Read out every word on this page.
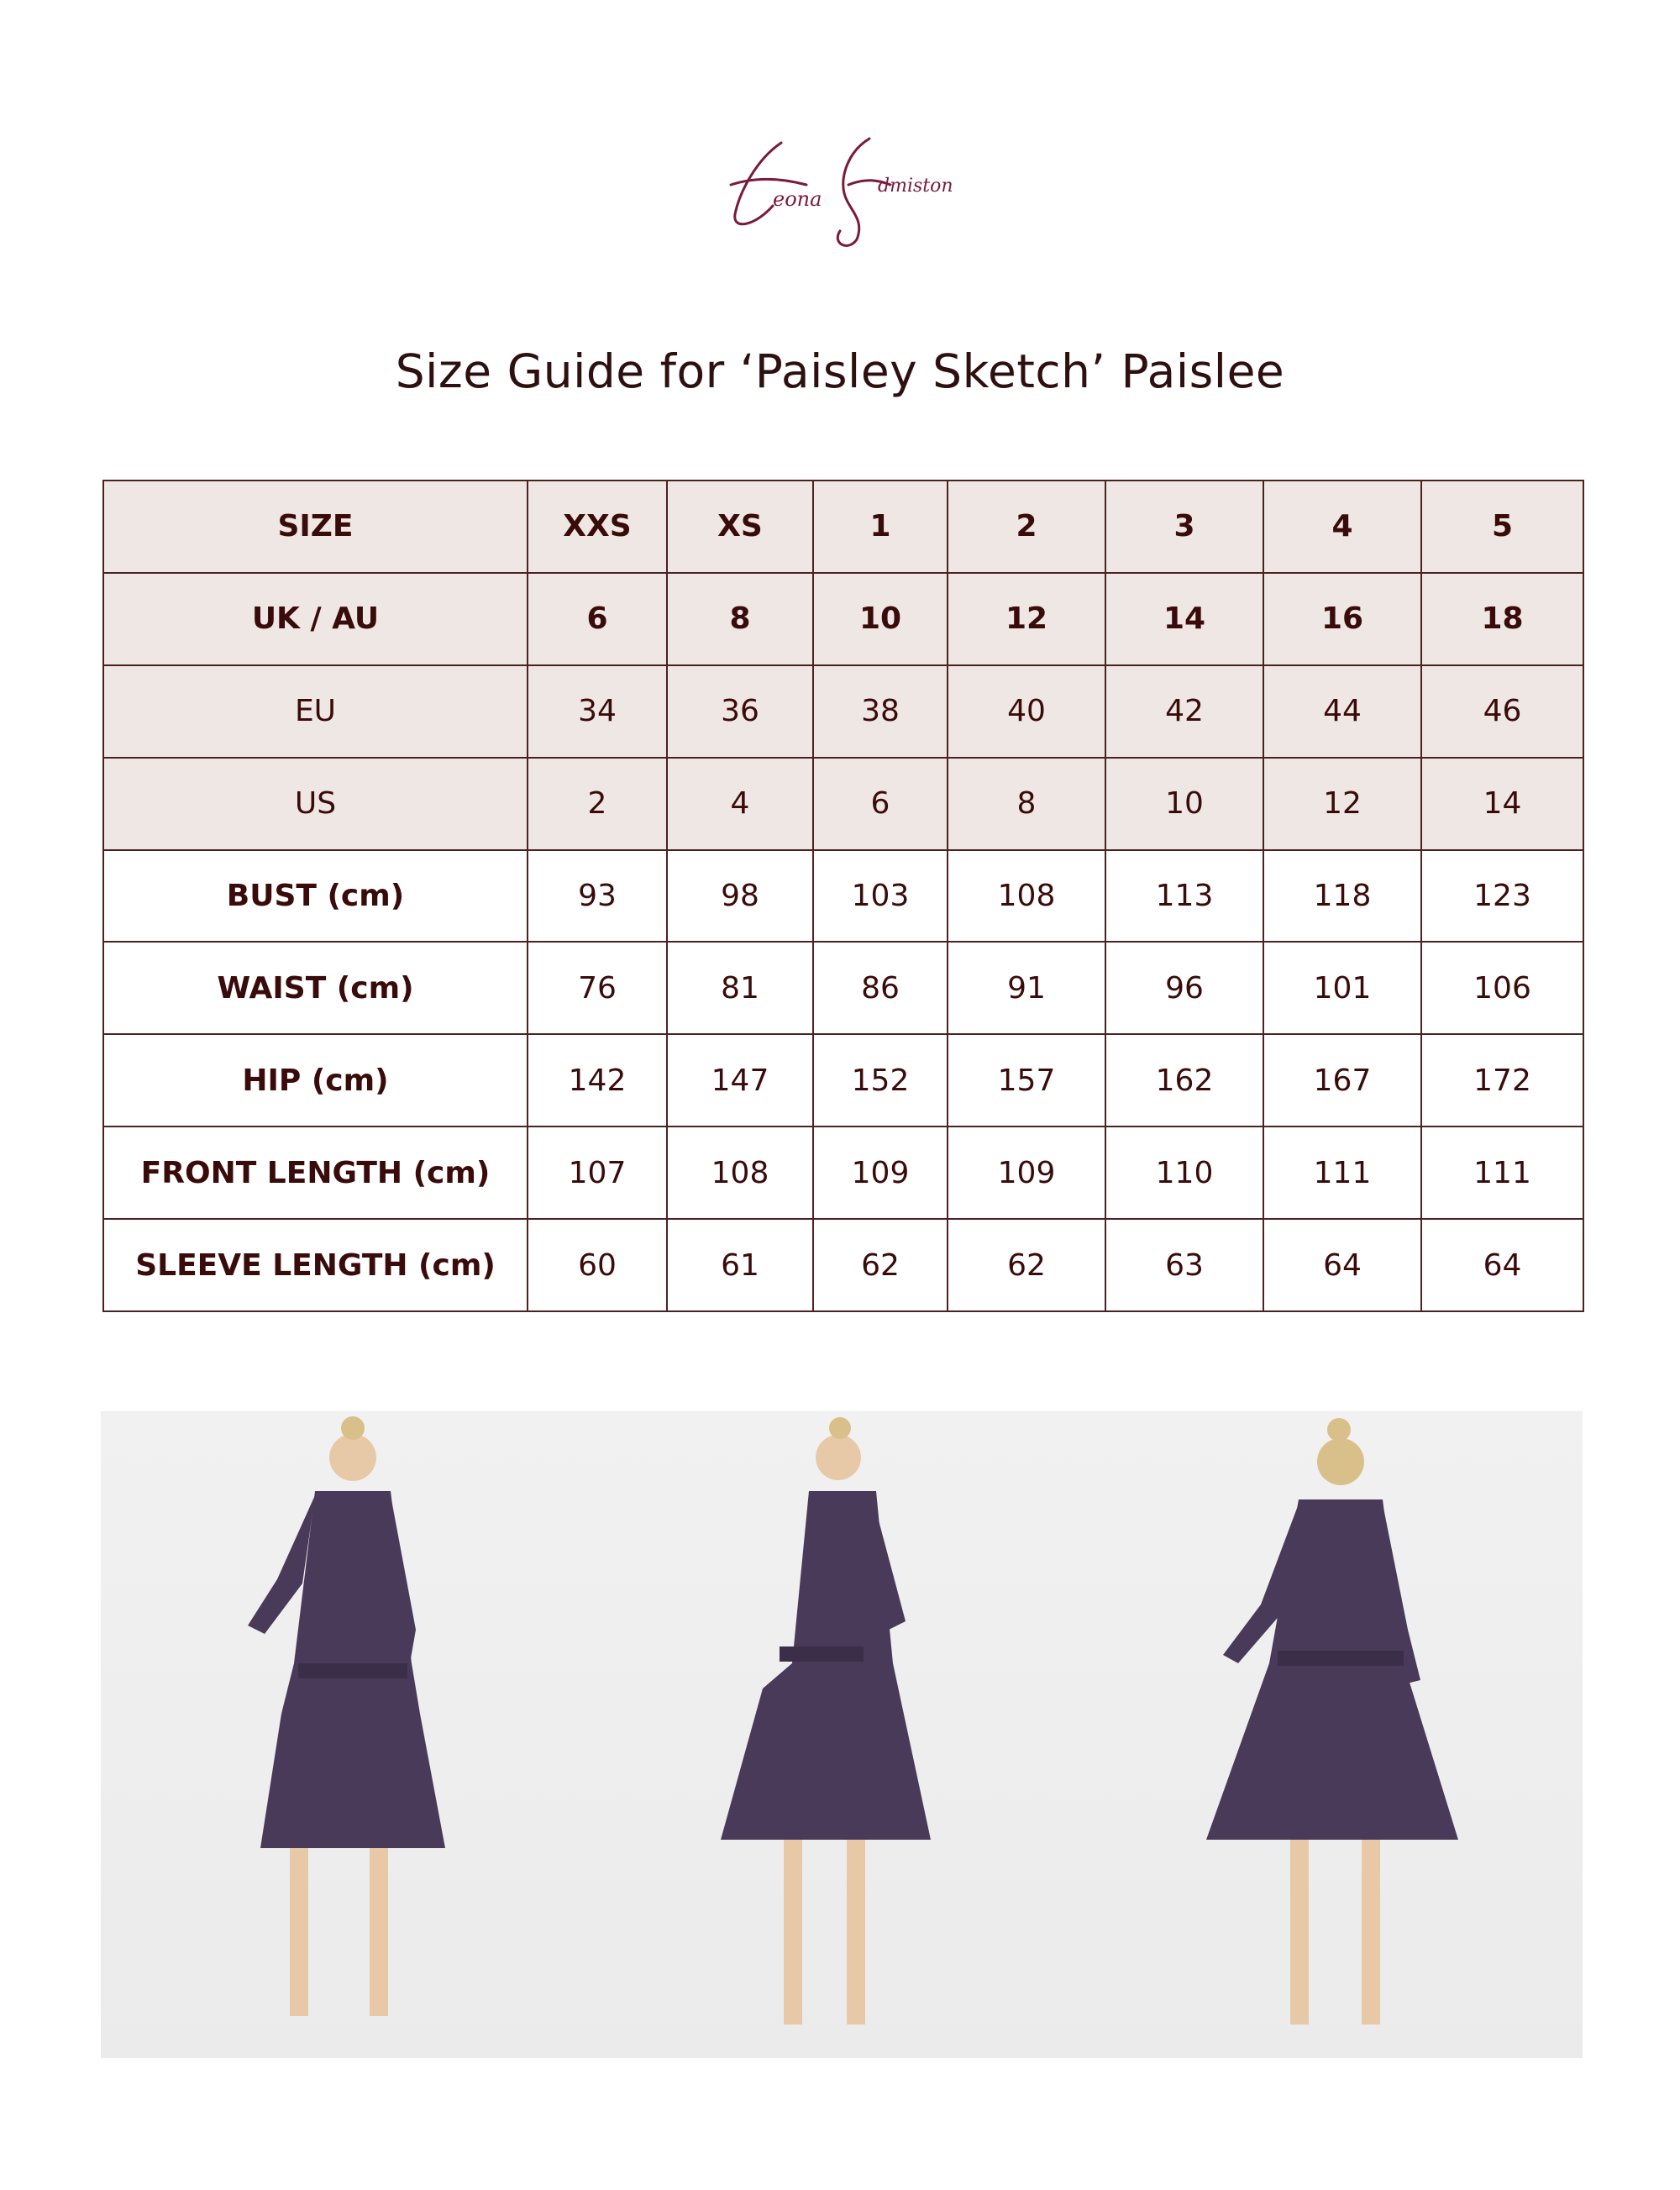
eona
dmiston
Size Guide for ‘Paisley Sketch’ Paislee
SIZE	XXS	XS	1	2	3	4	5
UK / AU	6	8	10	12	14	16	18
EU	34	36	38	40	42	44	46
US	2	4	6	8	10	12	14
BUST (cm)	93	98	103	108	113	118	123
WAIST (cm)	76	81	86	91	96	101	106
HIP (cm)	142	147	152	157	162	167	172
FRONT LENGTH (cm)	107	108	109	109	110	111	111
SLEEVE LENGTH (cm)	60	61	62	62	63	64	64
